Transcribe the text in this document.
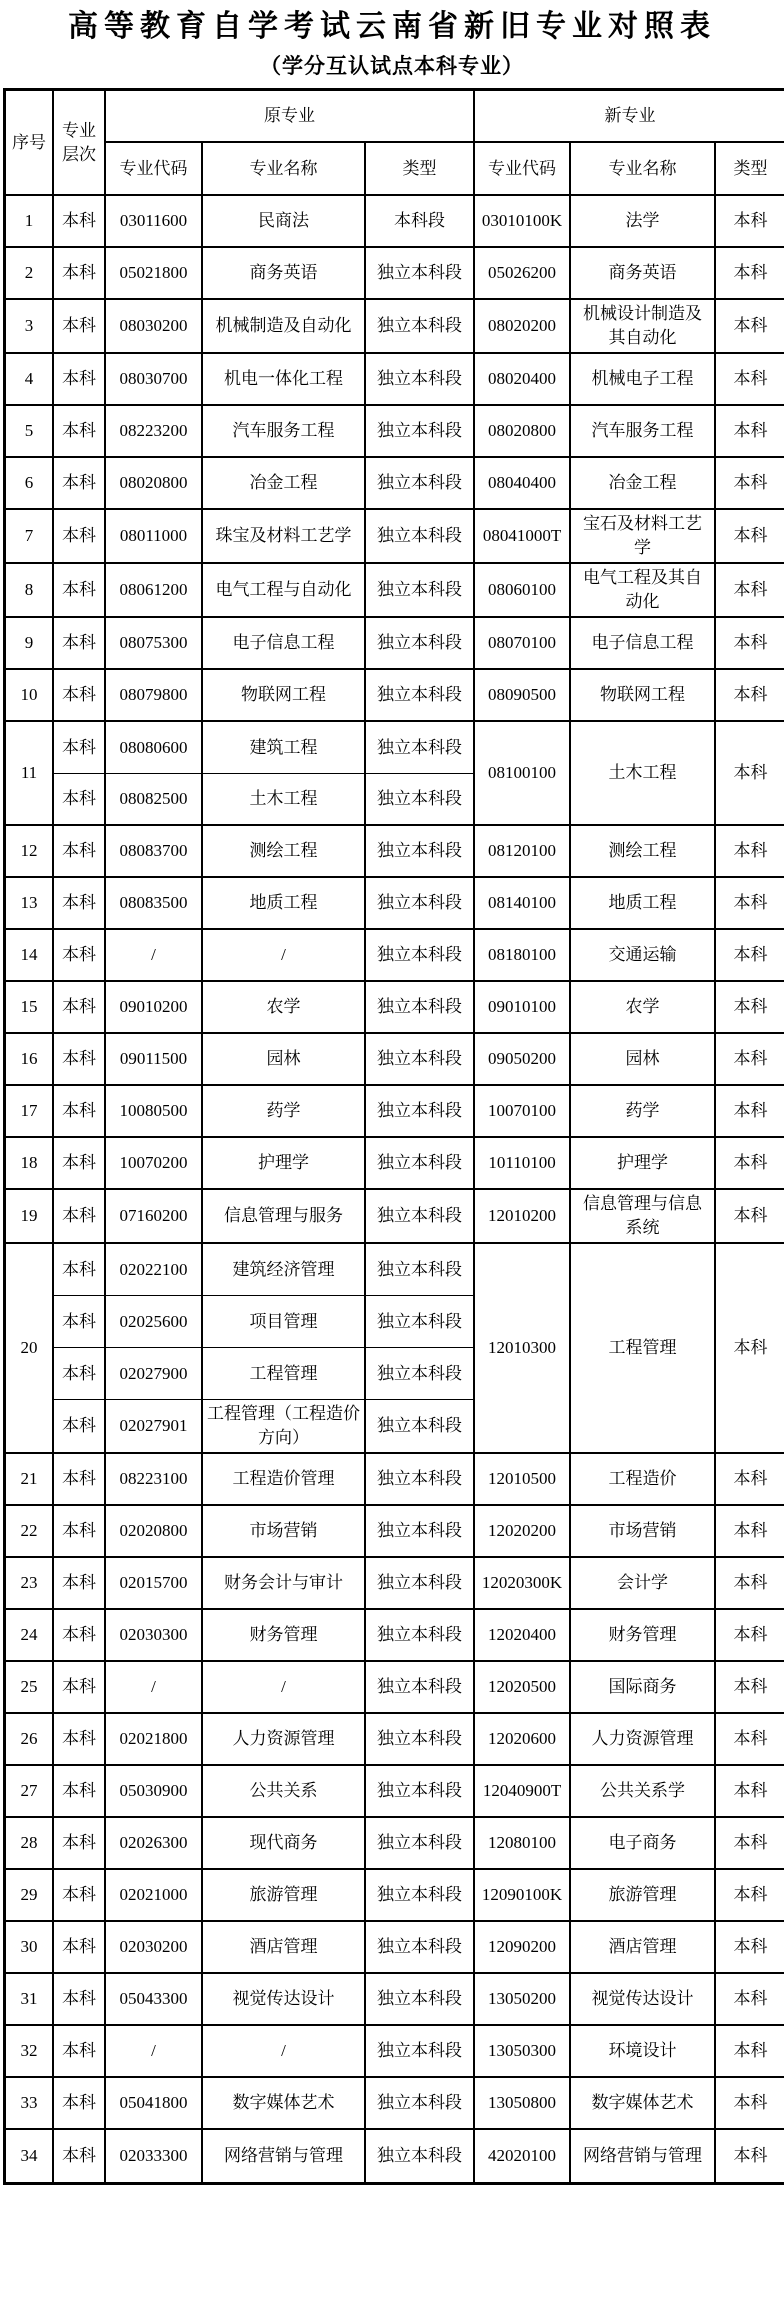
高等教育自学考试云南省新旧专业对照表
（学分互认试点本科专业）
序号	专业层次	原专业			新专业		
		专业代码	专业名称	类型	专业代码	专业名称	类型
1	本科	03011600	民商法	本科段	03010100K	法学	本科
2	本科	05021800	商务英语	独立本科段	05026200	商务英语	本科
3	本科	08030200	机械制造及自动化	独立本科段	08020200	机械设计制造及其自动化	本科
4	本科	08030700	机电一体化工程	独立本科段	08020400	机械电子工程	本科
5	本科	08223200	汽车服务工程	独立本科段	08020800	汽车服务工程	本科
6	本科	08020800	冶金工程	独立本科段	08040400	冶金工程	本科
7	本科	08011000	珠宝及材料工艺学	独立本科段	08041000T	宝石及材料工艺学	本科
8	本科	08061200	电气工程与自动化	独立本科段	08060100	电气工程及其自动化	本科
9	本科	08075300	电子信息工程	独立本科段	08070100	电子信息工程	本科
10	本科	08079800	物联网工程	独立本科段	08090500	物联网工程	本科
11	本科	08080600	建筑工程	独立本科段	08100100	土木工程	本科
	本科	08082500	土木工程	独立本科段			
12	本科	08083700	测绘工程	独立本科段	08120100	测绘工程	本科
13	本科	08083500	地质工程	独立本科段	08140100	地质工程	本科
14	本科	/	/	独立本科段	08180100	交通运输	本科
15	本科	09010200	农学	独立本科段	09010100	农学	本科
16	本科	09011500	园林	独立本科段	09050200	园林	本科
17	本科	10080500	药学	独立本科段	10070100	药学	本科
18	本科	10070200	护理学	独立本科段	10110100	护理学	本科
19	本科	07160200	信息管理与服务	独立本科段	12010200	信息管理与信息系统	本科
20	本科	02022100	建筑经济管理	独立本科段	12010300	工程管理	本科
	本科	02025600	项目管理	独立本科段			
	本科	02027900	工程管理	独立本科段			
	本科	02027901	工程管理（工程造价方向）	独立本科段			
21	本科	08223100	工程造价管理	独立本科段	12010500	工程造价	本科
22	本科	02020800	市场营销	独立本科段	12020200	市场营销	本科
23	本科	02015700	财务会计与审计	独立本科段	12020300K	会计学	本科
24	本科	02030300	财务管理	独立本科段	12020400	财务管理	本科
25	本科	/	/	独立本科段	12020500	国际商务	本科
26	本科	02021800	人力资源管理	独立本科段	12020600	人力资源管理	本科
27	本科	05030900	公共关系	独立本科段	12040900T	公共关系学	本科
28	本科	02026300	现代商务	独立本科段	12080100	电子商务	本科
29	本科	02021000	旅游管理	独立本科段	12090100K	旅游管理	本科
30	本科	02030200	酒店管理	独立本科段	12090200	酒店管理	本科
31	本科	05043300	视觉传达设计	独立本科段	13050200	视觉传达设计	本科
32	本科	/	/	独立本科段	13050300	环境设计	本科
33	本科	05041800	数字媒体艺术	独立本科段	13050800	数字媒体艺术	本科
34	本科	02033300	网络营销与管理	独立本科段	42020100	网络营销与管理	本科
